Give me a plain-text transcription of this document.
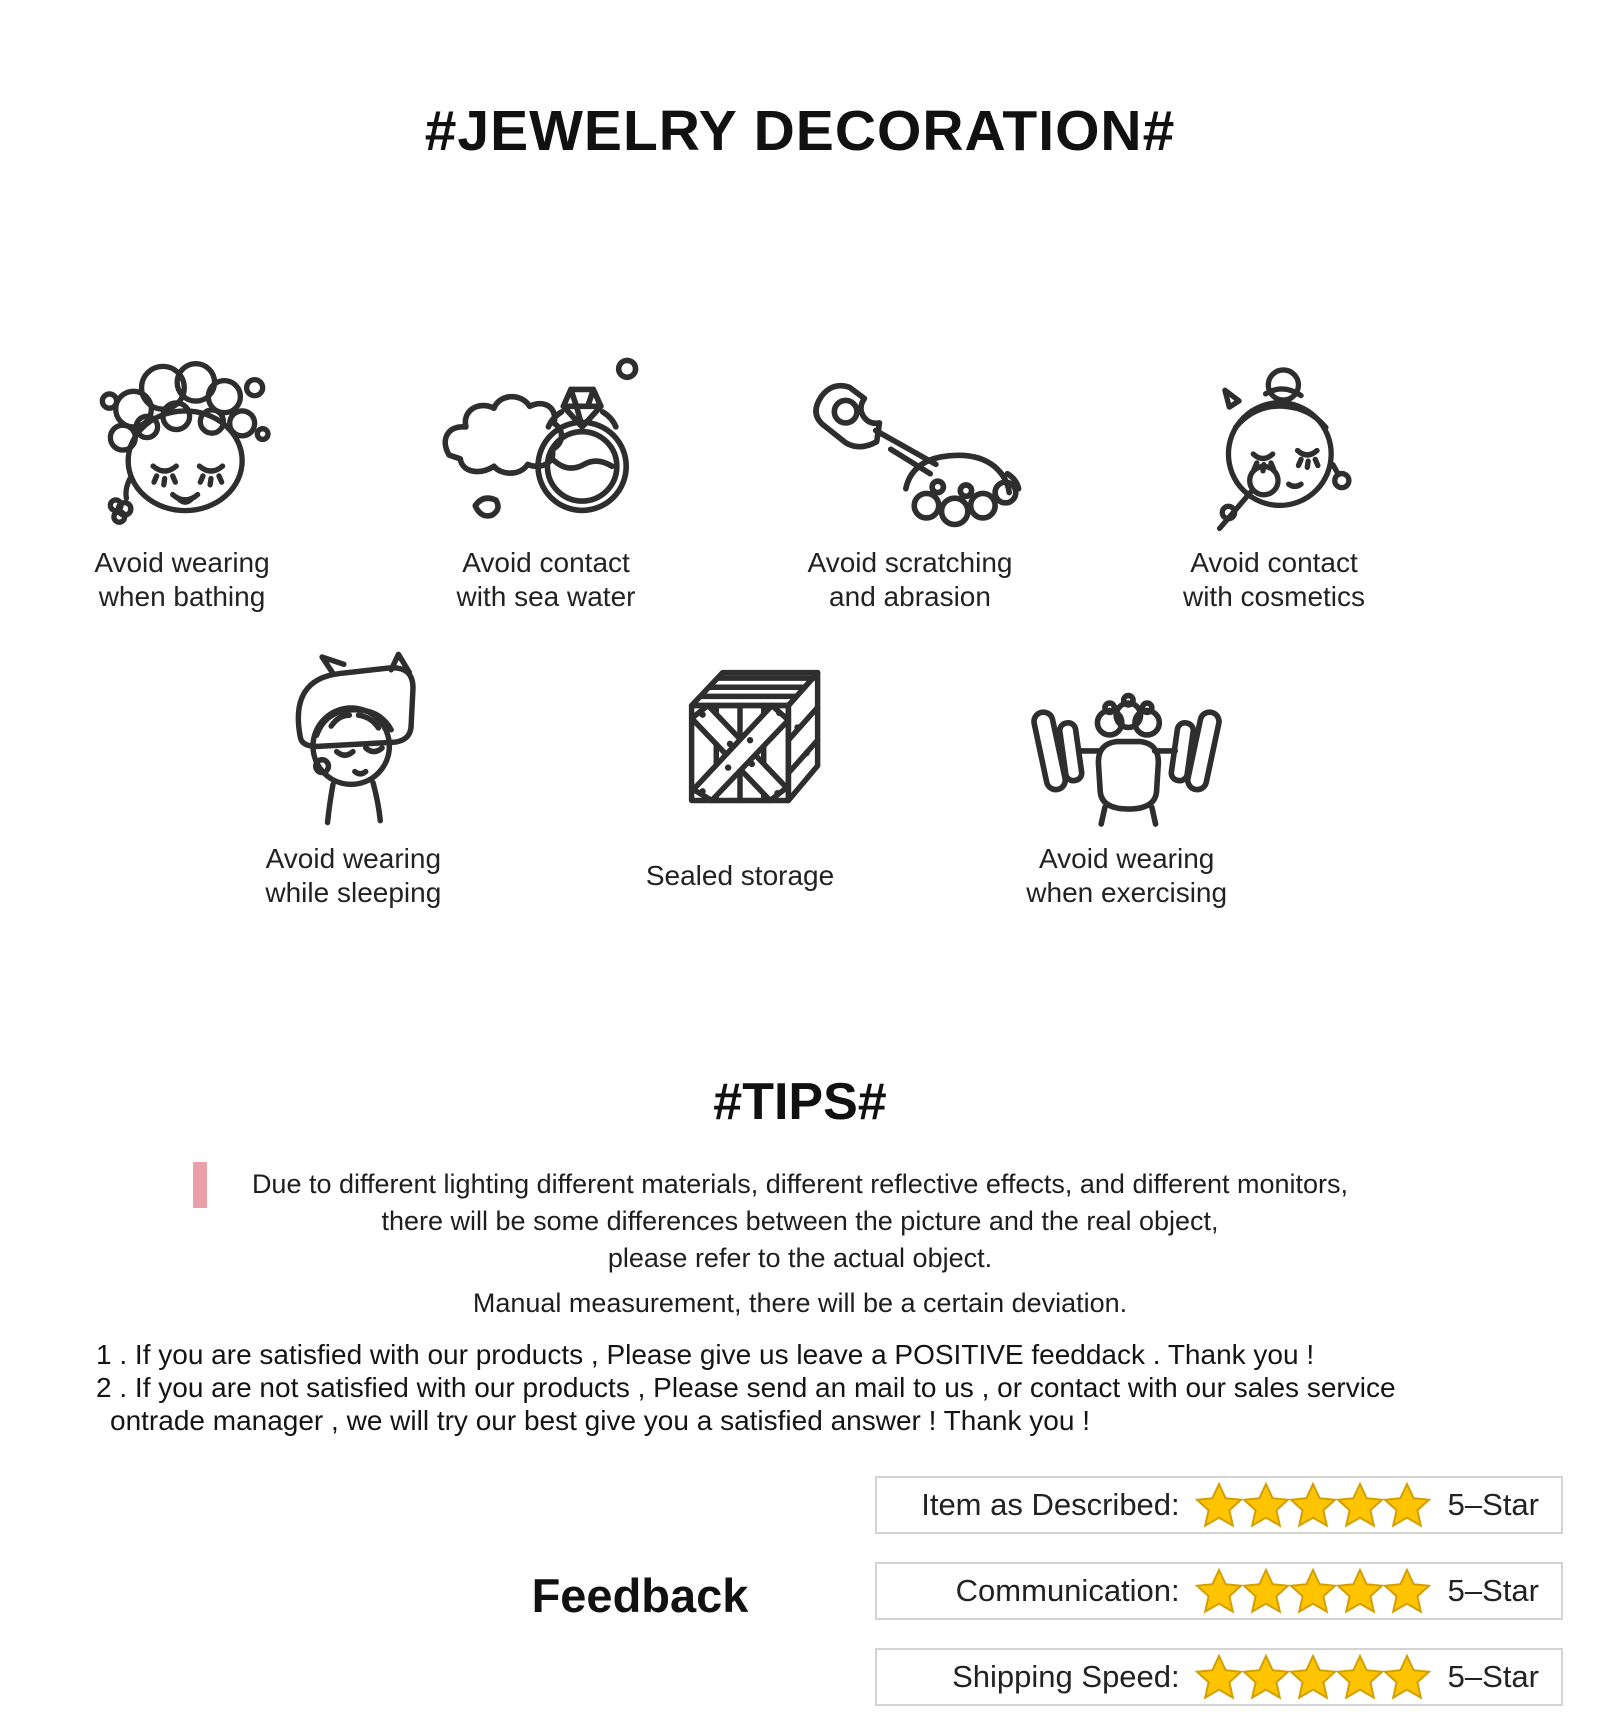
#JEWELRY DECORATION#
Avoid wearing
when bathing
Avoid contact
with sea water
Avoid scratching
and abrasion
Avoid contact
with cosmetics
Avoid wearing
while sleeping
Sealed storage
Avoid wearing
when exercising
#TIPS#
Due to different lighting different materials, different reflective effects, and different monitors,
there will be some differences between the picture and the real object,
please refer to the actual object.
Manual measurement, there will be a certain deviation.
1 . If you are satisfied with our products , Please give us leave a POSITIVE feeddack . Thank you !
2 . If you are not satisfied with our products , Please send an mail to us , or contact with our sales service
ontrade manager , we will try our best give you a satisfied answer ! Thank you !
Feedback
Item as Described:	5–Star
Communication:	5–Star
Shipping Speed:	5–Star
